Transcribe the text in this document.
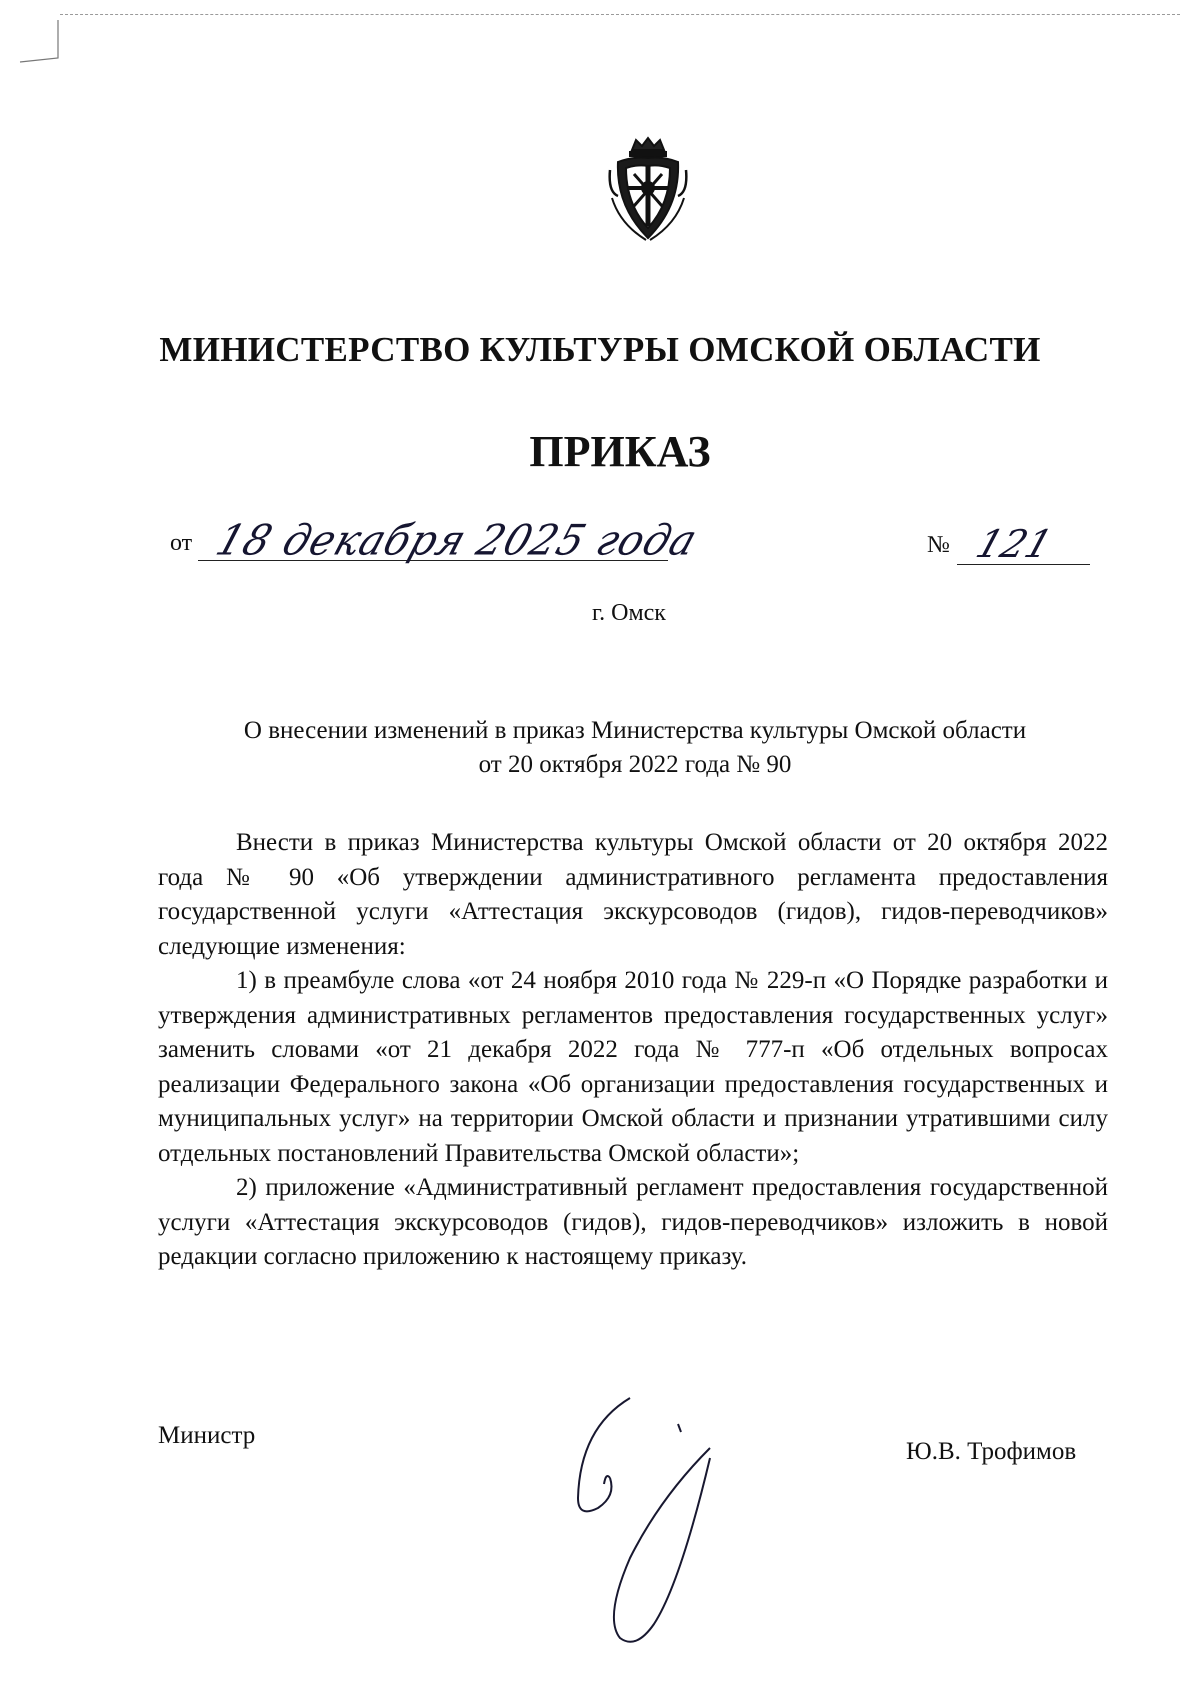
МИНИСТЕРСТВО КУЛЬТУРЫ ОМСКОЙ ОБЛАСТИ
ПРИКАЗ
от 18 декабря 2025 года	№ 121
г. Омск
О внесении изменений в приказ Министерства культуры Омской области
от 20 октября 2022 года № 90

Внести в приказ Министерства культуры Омской области от 20 октября 2022 года № 90 «Об утверждении административного регламента предоставления государственной услуги «Аттестация экскурсоводов (гидов), гидов-переводчиков» следующие изменения:

1) в преамбуле слова «от 24 ноября 2010 года № 229-п «О Порядке разработки и утверждения административных регламентов предоставления государственных услуг» заменить словами «от 21 декабря 2022 года № 777-п «Об отдельных вопросах реализации Федерального закона «Об организации предоставления государственных и муниципальных услуг» на территории Омской области и признании утратившими силу отдельных постановлений Правительства Омской области»;

2) приложение «Административный регламент предоставления государственной услуги «Аттестация экскурсоводов (гидов), гидов-переводчиков» изложить в новой редакции согласно приложению к настоящему приказу.

Министр
Ю.В. Трофимов
